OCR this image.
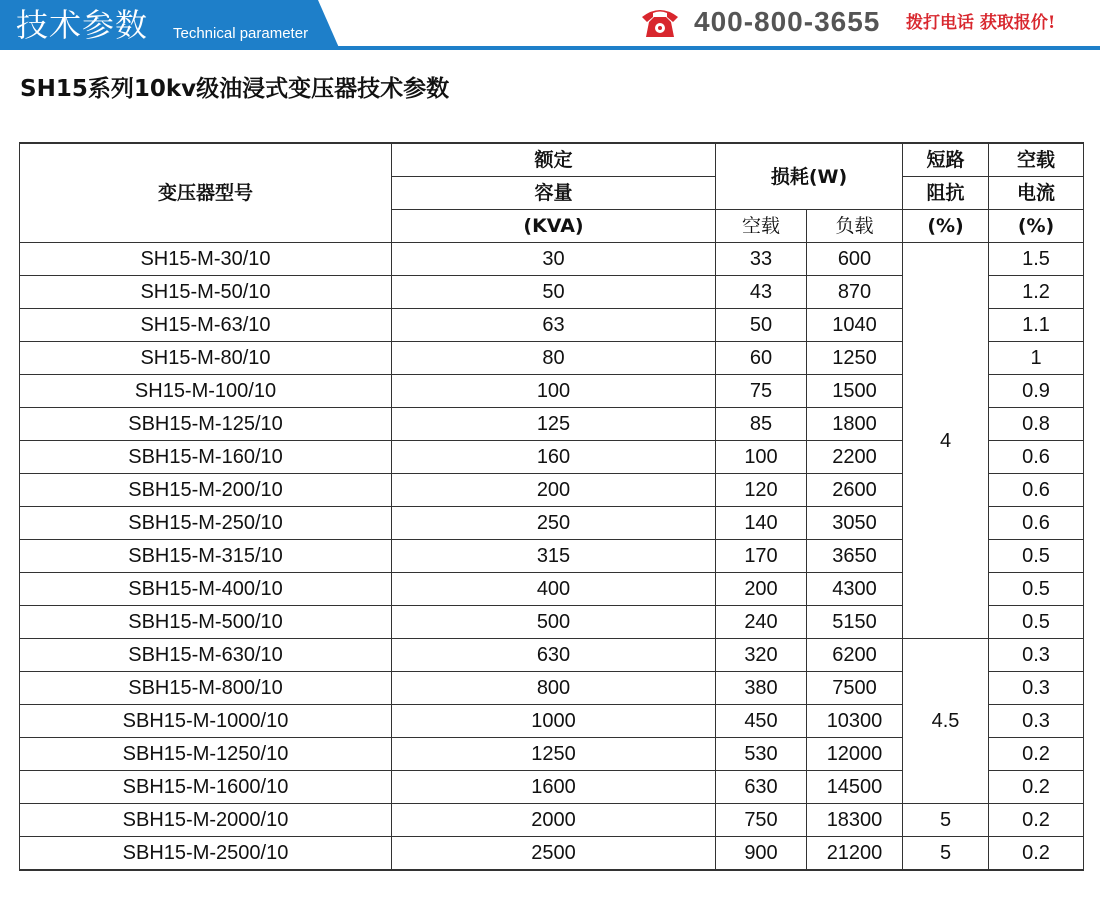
技术参数 Technical parameter	400-800-3655 拨打电话 获取报价!
SH15系列10kv级油浸式变压器技术参数
变压器型号	额定	损耗(W)		短路	空载
	容量			阻抗	电流
	(KVA)	空载	负载	(%)	(%)
SH15-M-30/10	30	33	600	4	1.5
SH15-M-50/10	50	43	870		1.2
SH15-M-63/10	63	50	1040		1.1
SH15-M-80/10	80	60	1250		1
SH15-M-100/10	100	75	1500		0.9
SBH15-M-125/10	125	85	1800		0.8
SBH15-M-160/10	160	100	2200		0.6
SBH15-M-200/10	200	120	2600		0.6
SBH15-M-250/10	250	140	3050		0.6
SBH15-M-315/10	315	170	3650		0.5
SBH15-M-400/10	400	200	4300		0.5
SBH15-M-500/10	500	240	5150		0.5
SBH15-M-630/10	630	320	6200	4.5	0.3
SBH15-M-800/10	800	380	7500		0.3
SBH15-M-1000/10	1000	450	10300		0.3
SBH15-M-1250/10	1250	530	12000		0.2
SBH15-M-1600/10	1600	630	14500		0.2
SBH15-M-2000/10	2000	750	18300	5	0.2
SBH15-M-2500/10	2500	900	21200	5	0.2
